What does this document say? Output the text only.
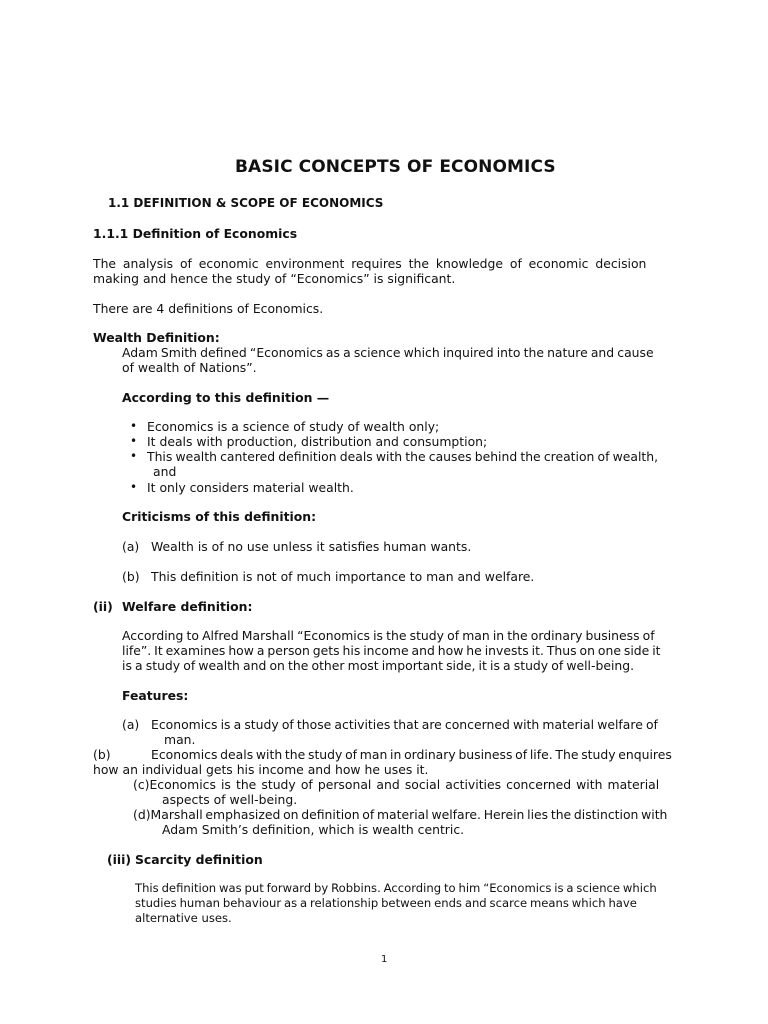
BASIC CONCEPTS OF ECONOMICS
1.1 DEFINITION & SCOPE OF ECONOMICS
1.1.1 Definition of Economics
The  analysis  of  economic  environment  requires  the  knowledge  of  economic  decision
making and hence the study of “Economics” is significant.
There are 4 definitions of Economics.
Wealth Definition:
Adam Smith defined “Economics as a science which inquired into the nature and cause
of wealth of Nations”.
According to this definition —
• Economics is a science of study of wealth only;
• It deals with production, distribution and consumption;
• This wealth cantered definition deals with the causes behind the creation of wealth,
and
• It only considers material wealth.
Criticisms of this definition:
(a) Wealth is of no use unless it satisfies human wants.
(b) This definition is not of much importance to man and welfare.
(ii) Welfare definition:
According to Alfred Marshall “Economics is the study of man in the ordinary business of
life”. It examines how a person gets his income and how he invests it. Thus on one side it
is a study of wealth and on the other most important side, it is a study of well-being.
Features:
(a) Economics is a study of those activities that are concerned with material welfare of
man.
(b)	Economics deals with the study of man in ordinary business of life. The study enquires
how an individual gets his income and how he uses it.
(c)Economics  is  the  study  of  personal  and  social  activities  concerned  with  material
aspects of well-being.
(d)Marshall emphasized on definition of material welfare. Herein lies the distinction with
Adam Smith’s definition, which is wealth centric.
(iii) Scarcity definition
This definition was put forward by Robbins. According to him “Economics is a science which
studies human behaviour as a relationship between ends and scarce means which have
alternative uses.
1
